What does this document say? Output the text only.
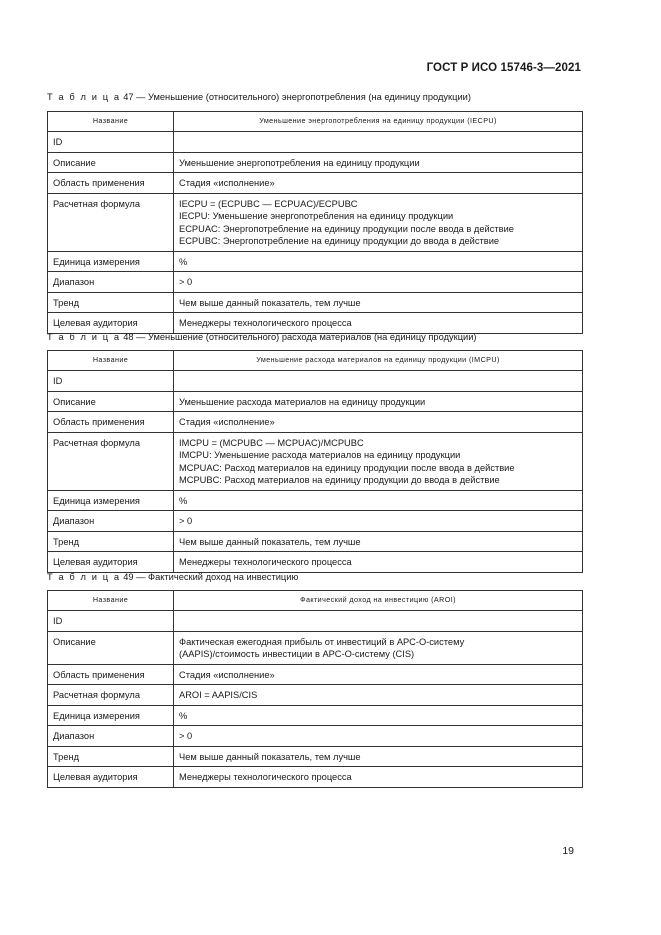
ГОСТ Р ИСО 15746-3—2021
Т а б л и ц а 47 — Уменьшение (относительного) энергопотребления (на единицу продукции)
Название	Уменьшение энергопотребления на единицу продукции (IECPU)
ID	
Описание	Уменьшение энергопотребления на единицу продукции
Область применения	Стадия «исполнение»
Расчетная формула	IECPU = (ECPUBC — ECPUAC)/ECPUBC
IECPU: Уменьшение энергопотребления на единицу продукции
ECPUAC: Энергопотребление на единицу продукции после ввода в действие
ECPUBC: Энергопотребление на единицу продукции до ввода в действие

Единица измерения	%
Диапазон	> 0
Тренд	Чем выше данный показатель, тем лучше
Целевая аудитория	Менеджеры технологического процесса
Т а б л и ц а 48 — Уменьшение (относительного) расхода материалов (на единицу продукции)
Название	Уменьшение расхода материалов на единицу продукции (IMCPU)
ID	
Описание	Уменьшение расхода материалов на единицу продукции
Область применения	Стадия «исполнение»
Расчетная формула	IMCPU = (MCPUBC — MCPUAC)/MCPUBC
IMCPU: Уменьшение расхода материалов на единицу продукции
MCPUAC: Расход материалов на единицу продукции после ввода в действие
MCPUBC: Расход материалов на единицу продукции до ввода в действие

Единица измерения	%
Диапазон	> 0
Тренд	Чем выше данный показатель, тем лучше
Целевая аудитория	Менеджеры технологического процесса
Т а б л и ц а 49 — Фактический доход на инвестицию
Название	Фактический доход на инвестицию (AROI)
ID	
Описание	Фактическая ежегодная прибыль от инвестиций в АРС-О-систему
(AAPIS)/стоимость инвестиции в АРС-О-систему (CIS)

Область применения	Стадия «исполнение»
Расчетная формула	AROI = AAPIS/CIS
Единица измерения	%
Диапазон	> 0
Тренд	Чем выше данный показатель, тем лучше
Целевая аудитория	Менеджеры технологического процесса
19
